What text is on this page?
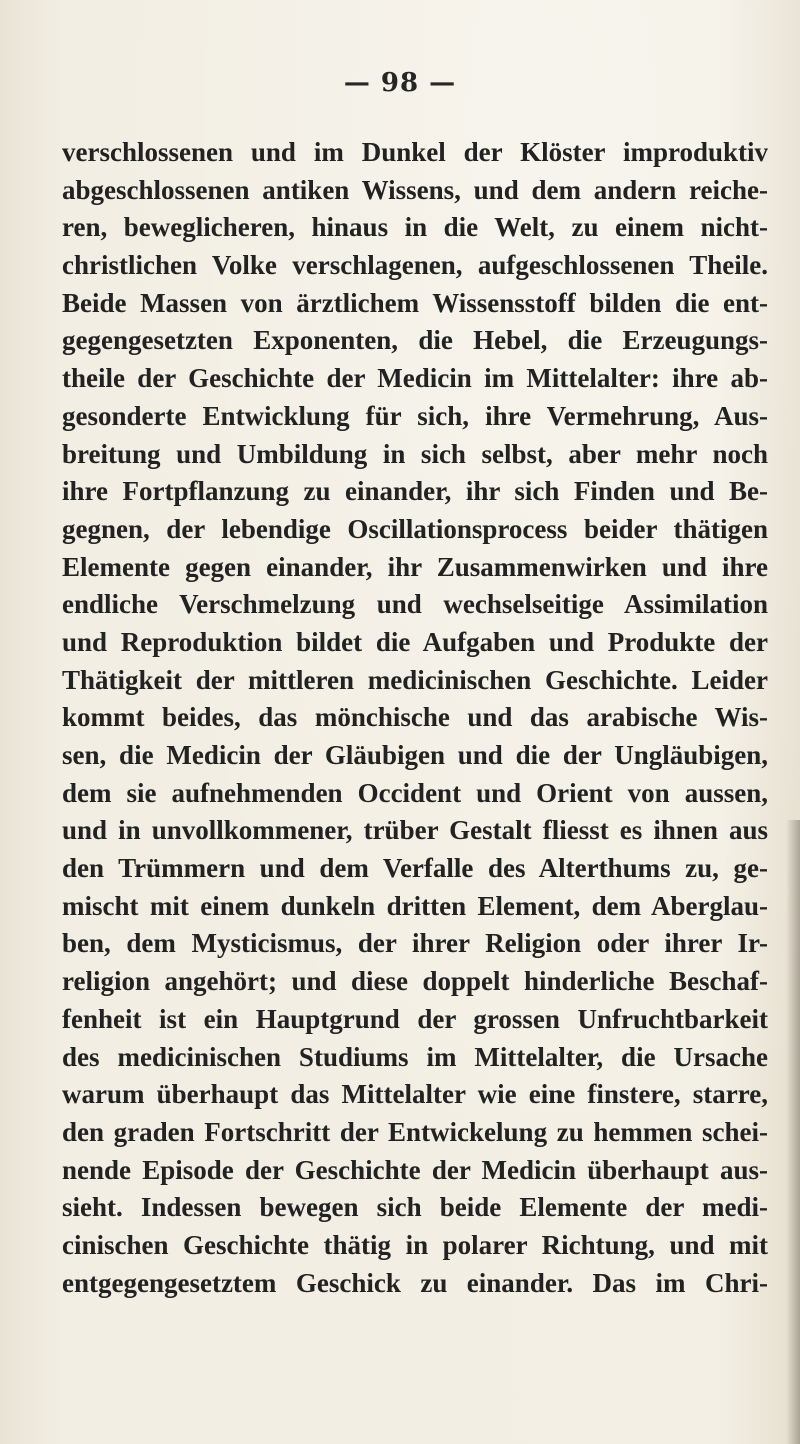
— 98 —
verschlossenen und im Dunkel der Klöster improduktiv
abgeschlossenen antiken Wissens, und dem andern reiche-
ren, beweglicheren, hinaus in die Welt, zu einem nicht-
christlichen Volke verschlagenen, aufgeschlossenen Theile.
Beide Massen von ärztlichem Wissensstoff bilden die ent-
gegengesetzten Exponenten, die Hebel, die Erzeugungs-
theile der Geschichte der Medicin im Mittelalter: ihre ab-
gesonderte Entwicklung für sich, ihre Vermehrung, Aus-
breitung und Umbildung in sich selbst, aber mehr noch
ihre Fortpflanzung zu einander, ihr sich Finden und Be-
gegnen, der lebendige Oscillationsprocess beider thätigen
Elemente gegen einander, ihr Zusammenwirken und ihre
endliche Verschmelzung und wechselseitige Assimilation
und Reproduktion bildet die Aufgaben und Produkte der
Thätigkeit der mittleren medicinischen Geschichte. Leider
kommt beides, das mönchische und das arabische Wis-
sen, die Medicin der Gläubigen und die der Ungläubigen,
dem sie aufnehmenden Occident und Orient von aussen,
und in unvollkommener, trüber Gestalt fliesst es ihnen aus
den Trümmern und dem Verfalle des Alterthums zu, ge-
mischt mit einem dunkeln dritten Element, dem Aberglau-
ben, dem Mysticismus, der ihrer Religion oder ihrer Ir-
religion angehört; und diese doppelt hinderliche Beschaf-
fenheit ist ein Hauptgrund der grossen Unfruchtbarkeit
des medicinischen Studiums im Mittelalter, die Ursache
warum überhaupt das Mittelalter wie eine finstere, starre,
den graden Fortschritt der Entwickelung zu hemmen schei-
nende Episode der Geschichte der Medicin überhaupt aus-
sieht. Indessen bewegen sich beide Elemente der medi-
cinischen Geschichte thätig in polarer Richtung, und mit
entgegengesetztem Geschick zu einander. Das im Chri-
